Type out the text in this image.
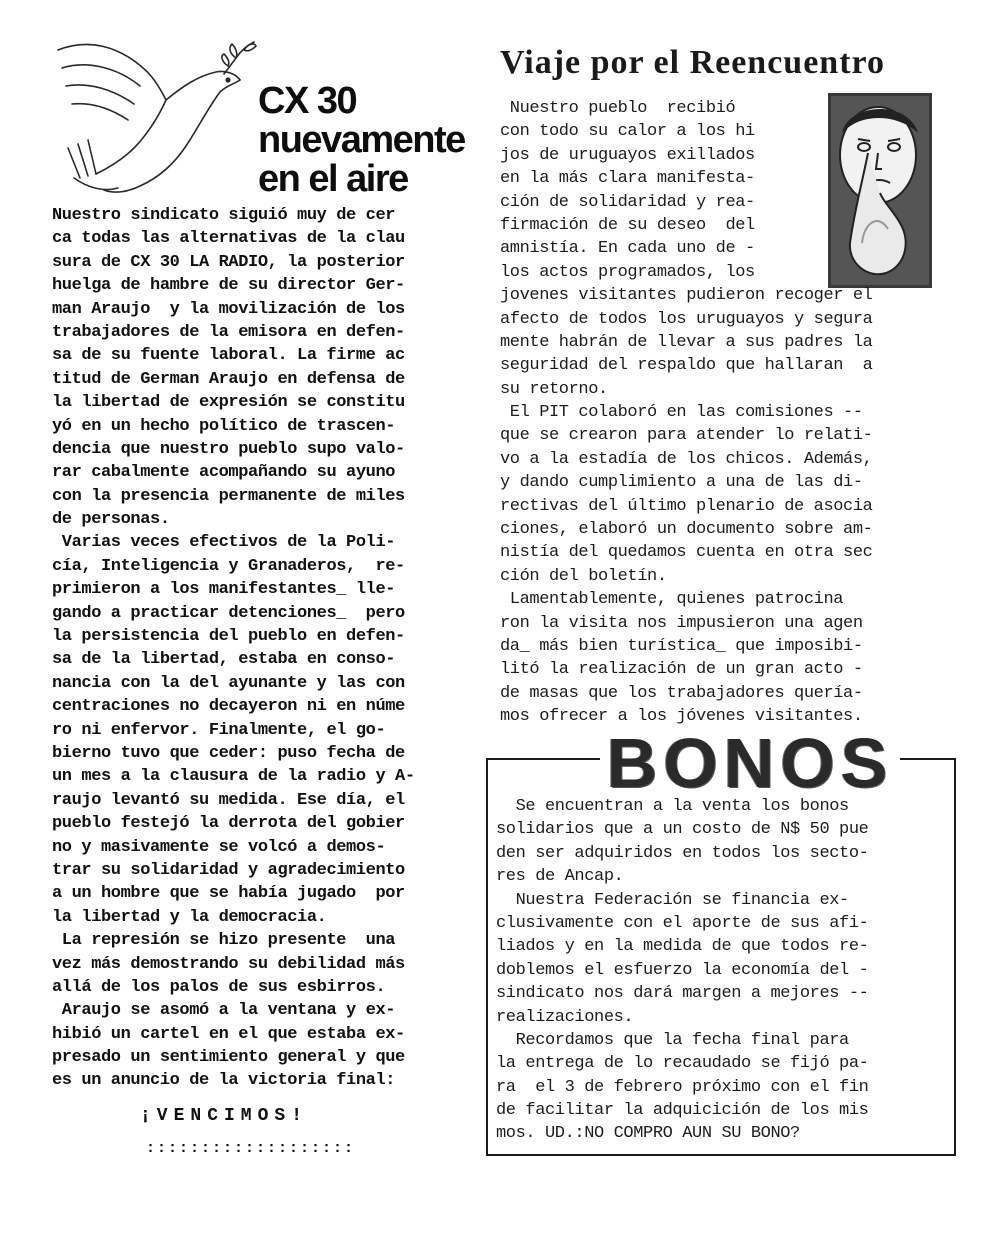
CX 30
nuevamente
en el aire
Viaje por el Reencuentro
Nuestro sindicato siguió muy de cer
ca todas las alternativas de la clau
sura de CX 30 LA RADIO, la posterior
huelga de hambre de su director Ger-
man Araujo  y la movilización de los
trabajadores de la emisora en defen-
sa de su fuente laboral. La firme ac
titud de German Araujo en defensa de
la libertad de expresión se constitu
yó en un hecho político de trascen-
dencia que nuestro pueblo supo valo-
rar cabalmente acompañando su ayuno
con la presencia permanente de miles
de personas.
Varias veces efectivos de la Poli-
cía, Inteligencia y Granaderos,  re-
primieron a los manifestantes_ lle-
gando a practicar detenciones_  pero
la persistencia del pueblo en defen-
sa de la libertad, estaba en conso-
nancia con la del ayunante y las con
centraciones no decayeron ni en núme
ro ni enfervor. Finalmente, el go-
bierno tuvo que ceder: puso fecha de
un mes a la clausura de la radio y A-
raujo levantó su medida. Ese día, el
pueblo festejó la derrota del gobier
no y masivamente se volcó a demos-
trar su solidaridad y agradecimiento
a un hombre que se había jugado  por
la libertad y la democracia.
La represión se hizo presente  una
vez más demostrando su debilidad más
allá de los palos de sus esbirros.
Araujo se asomó a la ventana y ex-
hibió un cartel en el que estaba ex-
presado un sentimiento general y que
es un anuncio de la victoria final:
¡VENCIMOS!
:::::::::::::::::::
Nuestro pueblo  recibió
con todo su calor a los hi
jos de uruguayos exillados
en la más clara manifesta-
ción de solidaridad y rea-
firmación de su deseo  del
amnistía. En cada uno de -
los actos programados, los
jovenes visitantes pudieron recoger el
afecto de todos los uruguayos y segura
mente habrán de llevar a sus padres la
seguridad del respaldo que hallaran  a
su retorno.
El PIT colaboró en las comisiones --
que se crearon para atender lo relati-
vo a la estadía de los chicos. Además,
y dando cumplimiento a una de las di-
rectivas del último plenario de asocia
ciones, elaboró un documento sobre am-
nistía del quedamos cuenta en otra sec
ción del boletín.
Lamentablemente, quienes patrocina
ron la visita nos impusieron una agen
da_ más bien turística_ que imposibi-
litó la realización de un gran acto -
de masas que los trabajadores quería-
mos ofrecer a los jóvenes visitantes.
BONOS
Se encuentran a la venta los bonos
solidarios que a un costo de N$ 50 pue
den ser adquiridos en todos los secto-
res de Ancap.
Nuestra Federación se financia ex-
clusivamente con el aporte de sus afi-
liados y en la medida de que todos re-
doblemos el esfuerzo la economía del -
sindicato nos dará margen a mejores --
realizaciones.
Recordamos que la fecha final para
la entrega de lo recaudado se fijó pa-
ra  el 3 de febrero próximo con el fin
de facilitar la adquicición de los mis
mos. UD.:NO COMPRO AUN SU BONO?
